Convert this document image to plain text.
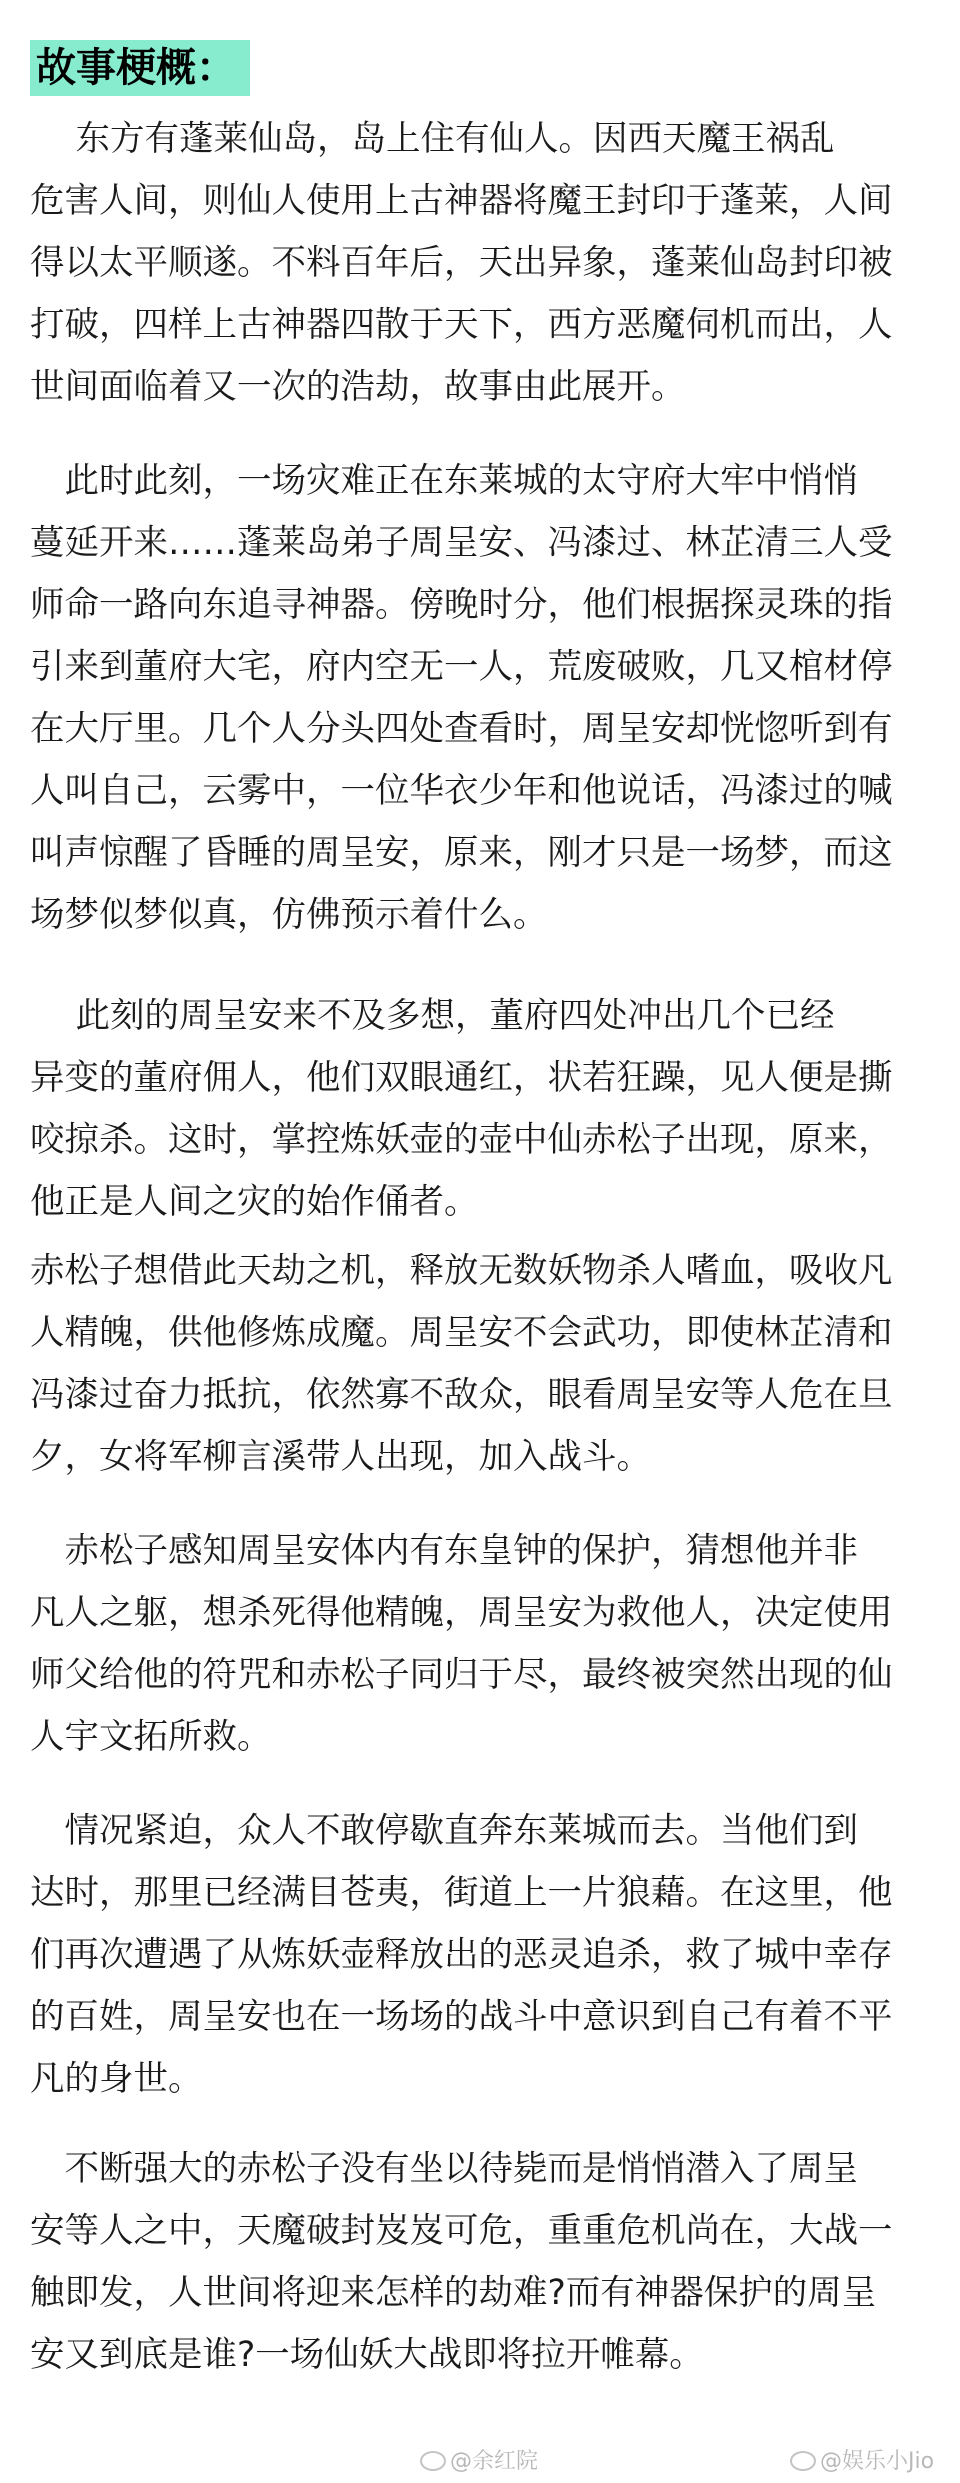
故事梗概：
　 东方有蓬莱仙岛，岛上住有仙人。因西天魔王祸乱
危害人间，则仙人使用上古神器将魔王封印于蓬莱，人间
得以太平顺遂。不料百年后，天出异象，蓬莱仙岛封印被
打破，四样上古神器四散于天下，西方恶魔伺机而出，人
世间面临着又一次的浩劫，故事由此展开。
　此时此刻，一场灾难正在东莱城的太守府大牢中悄悄
蔓延开来……蓬莱岛弟子周呈安、冯漆过、林芷清三人受
师命一路向东追寻神器。傍晚时分，他们根据探灵珠的指
引来到董府大宅，府内空无一人，荒废破败，几又棺材停
在大厅里。几个人分头四处查看时，周呈安却恍惚听到有
人叫自己，云雾中，一位华衣少年和他说话，冯漆过的喊
叫声惊醒了昏睡的周呈安，原来，刚才只是一场梦，而这
场梦似梦似真，仿佛预示着什么。
　 此刻的周呈安来不及多想，董府四处冲出几个已经
异变的董府佣人，他们双眼通红，状若狂躁，见人便是撕
咬掠杀。这时，掌控炼妖壶的壶中仙赤松子出现，原来，
他正是人间之灾的始作俑者。
赤松子想借此天劫之机，释放无数妖物杀人嗜血，吸收凡
人精魄，供他修炼成魔。周呈安不会武功，即使林芷清和
冯漆过奋力抵抗，依然寡不敌众，眼看周呈安等人危在旦
夕，女将军柳言溪带人出现，加入战斗。
　赤松子感知周呈安体内有东皇钟的保护，猜想他并非
凡人之躯，想杀死得他精魄，周呈安为救他人，决定使用
师父给他的符咒和赤松子同归于尽，最终被突然出现的仙
人宇文拓所救。
　情况紧迫，众人不敢停歇直奔东莱城而去。当他们到
达时，那里已经满目苍夷，街道上一片狼藉。在这里，他
们再次遭遇了从炼妖壶释放出的恶灵追杀，救了城中幸存
的百姓，周呈安也在一场场的战斗中意识到自己有着不平
凡的身世。
　不断强大的赤松子没有坐以待毙而是悄悄潜入了周呈
安等人之中，天魔破封岌岌可危，重重危机尚在，大战一
触即发，人世间将迎来怎样的劫难?而有神器保护的周呈
安又到底是谁?一场仙妖大战即将拉开帷幕。
@余红院	@娱乐小Jio
